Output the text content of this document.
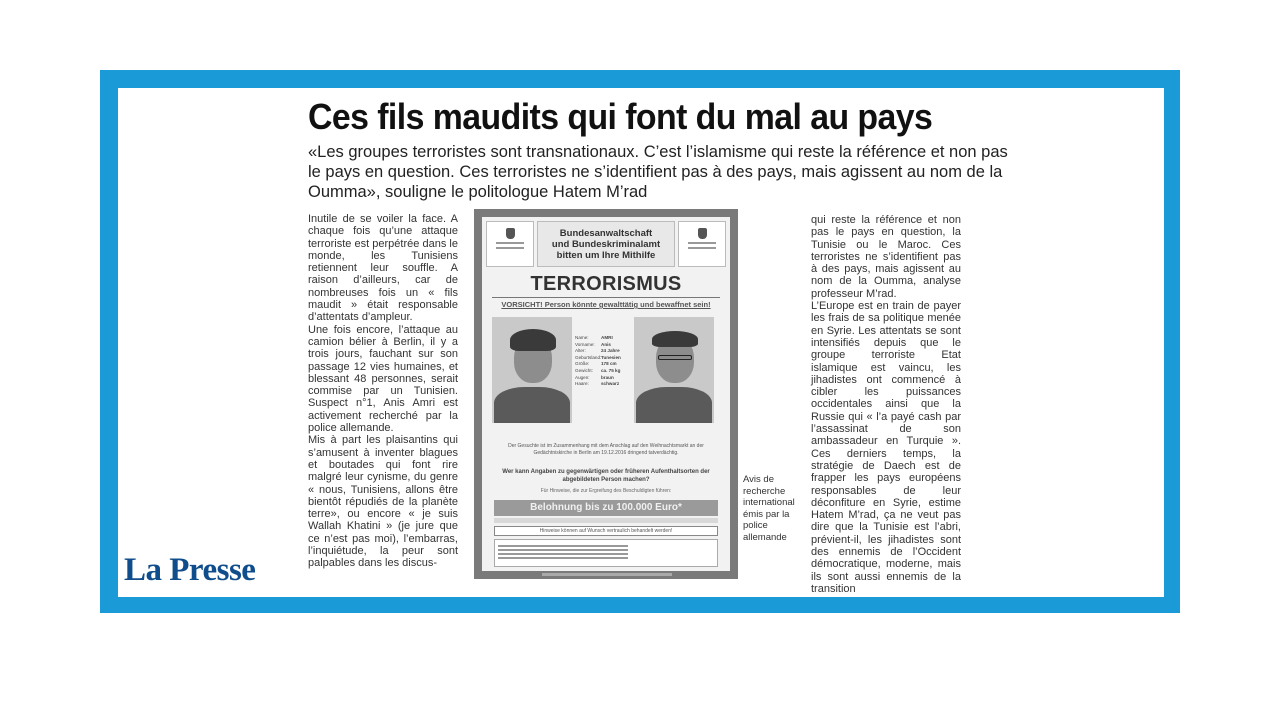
Ces fils maudits qui font du mal au pays

«Les groupes terroristes sont transnationaux. C’est l’islamisme qui reste la référence et non pas le pays en question. Ces terroristes ne s’identifient pas à des pays, mais agissent au nom de la Oumma», souligne le politologue Hatem M’rad

Inutile de se voiler la face. A chaque fois qu’une attaque terroriste est perpétrée dans le monde, les Tunisiens retiennent leur souffle. A raison d’ailleurs, car de nombreuses fois un « fils maudit » était responsable d’attentats d’ampleur.

Une fois encore, l’attaque au camion bélier à Berlin, il y a trois jours, fauchant sur son passage 12 vies humaines, et blessant 48 personnes, serait commise par un Tunisien. Suspect n°1, Anis Amri est activement recherché par la police allemande.

Mis à part les plaisantins qui s’amusent à inventer blagues et boutades qui font rire malgré leur cynisme, du genre « nous, Tunisiens, allons être bientôt répudiés de la planète terre», ou encore « je suis Wallah Khatini » (je jure que ce n’est pas moi), l’embarras, l’inquiétude, la peur sont palpables dans les discus-

Bundesanwaltschaft
und Bundeskriminalamt
bitten um Ihre Mithilfe
TERRORISMUS
VORSICHT! Person könnte gewalttätig und bewaffnet sein!
Name:	AMRI
Vorname:	Anis
Alter:	24 Jahre
Geburtsland: Tunesien
Größe:	178 cm
Gewicht:	ca. 75 kg
Augen:	braun
Haare:	schwarz
Der Gesuchte ist im Zusammenhang mit dem Anschlag auf den Weihnachtsmarkt an der Gedächtniskirche in Berlin am 19.12.2016 dringend tatverdächtig.
Wer kann Angaben zu gegenwärtigen oder früheren Aufenthaltsorten der abgebildeten Person machen?
Für Hinweise, die zur Ergreifung des Beschuldigten führen:
Belohnung bis zu 100.000 Euro*
Hinweise können auf Wunsch vertraulich behandelt werden!
Avis de recherche international émis par la police allemande

qui reste la référence et non pas le pays en question, la Tunisie ou le Maroc. Ces terroristes ne s’identifient pas à des pays, mais agissent au nom de la Oumma, analyse professeur M’rad.

L’Europe est en train de payer les frais de sa politique menée en Syrie. Les attentats se sont intensifiés depuis que le groupe terroriste Etat islamique est vaincu, les jihadistes ont commencé à cibler les puissances occidentales ainsi que la Russie qui « l’a payé cash par l’assassinat de son ambassadeur en Turquie ». Ces derniers temps, la stratégie de Daech est de frapper les pays européens responsables de leur déconfiture en Syrie, estime Hatem M’rad, ça ne veut pas dire que la Tunisie est l’abri, prévient-il, les jihadistes sont des ennemis de l’Occident démocratique, moderne, mais ils sont aussi ennemis de la transition

La Presse
